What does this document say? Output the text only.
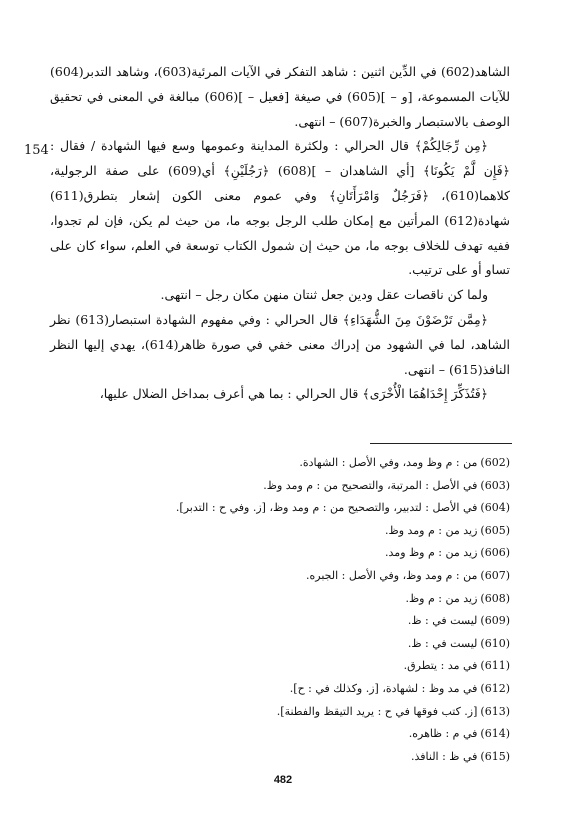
154

الشاهد(602) في الدِّين اثنين : شاهد التفكر في الآيات المرئية(603)، وشاهد التدبر(604) للآيات المسموعة، [و – ](605) في صيغة [فعيل – ](606) مبالغة في المعنى في تحقيق الوصف بالاستبصار والخبرة(607) – انتهى.

﴿مِن رِّجَالِكُمْ﴾ قال الحرالي : ولكثرة المداينة وعمومها وسع فيها الشهادة / فقال : ﴿فَإِن لَّمْ يَكُونَا﴾ [أي الشاهدان – ](608) ﴿رَجُلَيْنِ﴾ أي(609) على صفة الرجولية، كلاهما(610)، ﴿فَرَجُلٌ وَامْرَأَتَانِ﴾ وفي عموم معنى الكون إشعار بتطرق(611) شهادة(612) المرأتين مع إمكان طلب الرجل بوجه ما، من حيث لم يكن، فإن لم تجدوا، ففيه تهدف للخلاف بوجه ما، من حيث إن شمول الكتاب توسعة في العلم، سواء كان على تساو أو على ترتيب.

ولما كن ناقصات عقل ودين جعل ثنتان منهن مكان رجل – انتهى.

﴿مِمَّن تَرْضَوْنَ مِنَ الشُّهَدَاءِ﴾ قال الحرالي : وفي مفهوم الشهادة استبصار(613) نظر الشاهد، لما في الشهود من إدراك معنى خفي في صورة ظاهر(614)، يهدي إليها النظر النافذ(615) – انتهى.

﴿فَتُذَكِّرَ إِحْدَاهُمَا الْأُخْرَى﴾ قال الحرالي : بما هي أعرف بمداخل الضلال عليها،

(602)من : م وظ ومد، وفي الأصل : الشهادة.

(603)في الأصل : المرتبة، والتصحيح من : م ومد وظ.

(604)في الأصل : لتدبير، والتصحيح من : م ومد وظ، [ز. وفي ح : التدبر].

(605)زيد من : م ومد وظ.

(606)زيد من : م وظ ومد.

(607)من : م ومد وظ، وفي الأصل : الجبره.

(608)زيد من : م وظ.

(609)ليست في : ظ.

(610)ليست في : ظ.

(611)في مد : يتطرق.

(612)في مد وظ : لشهادة، [ز. وكذلك في : ح].

(613)[ز. كتب فوقها في ح : يريد التيقظ والفطنة].

(614)في م : ظاهره.

(615)في ظ : النافذ.

482
